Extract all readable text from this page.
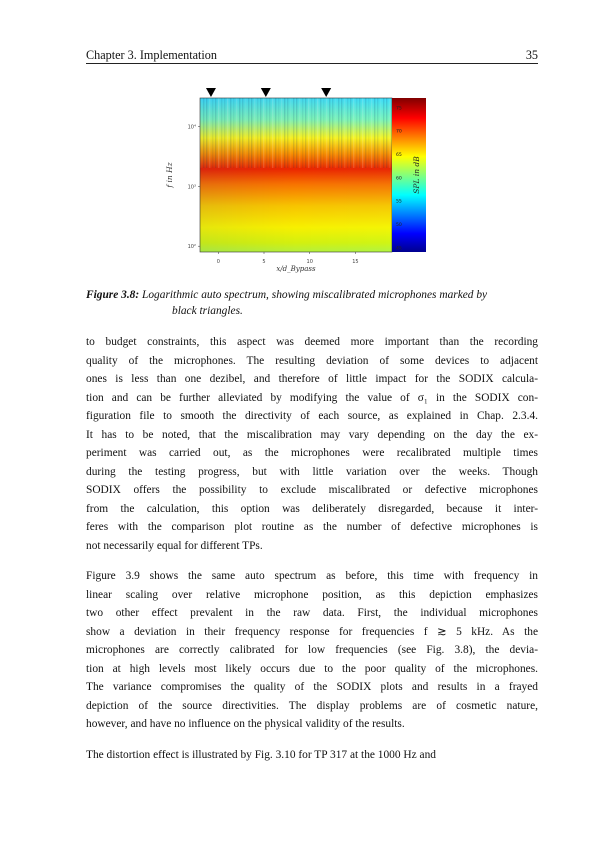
Chapter 3. Implementation	35
0	5	10	15
10⁴
10³
10²
x/d_Bypass
f in Hz
75
70
65
60
55
50
45
SPL in dB
Figure 3.8: Logarithmic auto spectrum, showing miscalibrated microphones marked by
black triangles.
to budget constraints, this aspect was deemed more important than the recording
quality of the microphones. The resulting deviation of some devices to adjacent
ones is less than one dezibel, and therefore of little impact for the SODIX calcula-
tion and can be further alleviated by modifying the value of σ₁ in the SODIX con-
figuration file to smooth the directivity of each source, as explained in Chap. 2.3.4.
It has to be noted, that the miscalibration may vary depending on the day the ex-
periment was carried out, as the microphones were recalibrated multiple times
during the testing progress, but with little variation over the weeks. Though
SODIX offers the possibility to exclude miscalibrated or defective microphones
from the calculation, this option was deliberately disregarded, because it inter-
feres with the comparison plot routine as the number of defective microphones is
not necessarily equal for different TPs.
Figure 3.9 shows the same auto spectrum as before, this time with frequency in
linear scaling over relative microphone position, as this depiction emphasizes
two other effect prevalent in the raw data. First, the individual microphones
show a deviation in their frequency response for frequencies f ≳ 5 kHz. As the
microphones are correctly calibrated for low frequencies (see Fig. 3.8), the devia-
tion at high levels most likely occurs due to the poor quality of the microphones.
The variance compromises the quality of the SODIX plots and results in a frayed
depiction of the source directivities. The display problems are of cosmetic nature,
however, and have no influence on the physical validity of the results.
The distortion effect is illustrated by Fig. 3.10 for TP 317 at the 1000 Hz and
